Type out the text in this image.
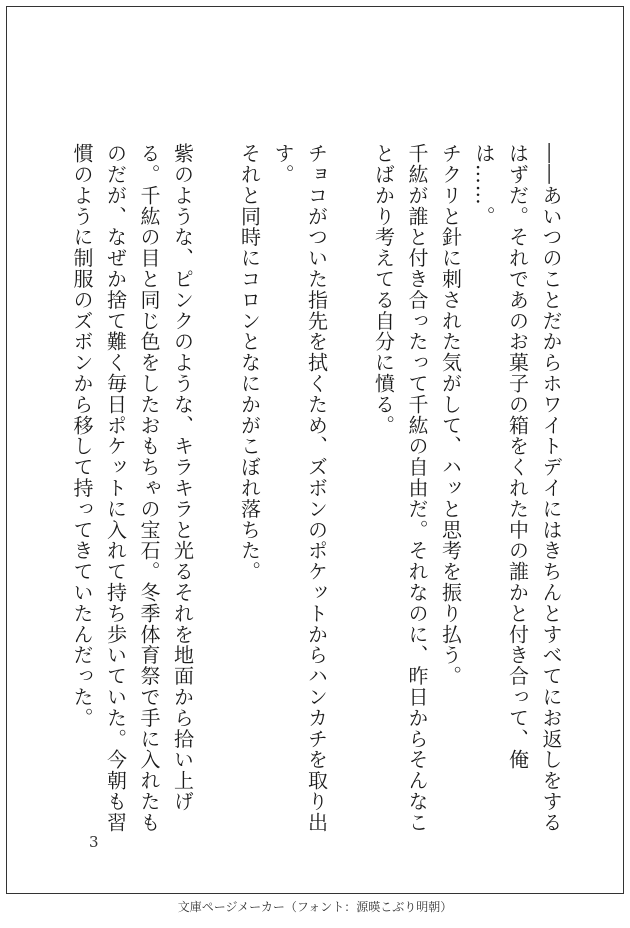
――あいつのことだからホワイトデイにはきちんとすべてにお返しをするはずだ。それであのお菓子の箱をくれた中の誰かと付き合って、俺は……。

チクリと針に刺された気がして、ハッと思考を振り払う。

千紘が誰と付き合ったって千紘の自由だ。それなのに、昨日からそんなことばかり考えてる自分に憤る。

チョコがついた指先を拭くため、ズボンのポケットからハンカチを取り出す。

それと同時にコロンとなにかがこぼれ落ちた。

紫のような、ピンクのような、キラキラと光るそれを地面から拾い上げる。千紘の目と同じ色をしたおもちゃの宝石。冬季体育祭で手に入れたものだが、なぜか捨て難く毎日ポケットに入れて持ち歩いていた。今朝も習慣のように制服のズボンから移して持ってきていたんだった。

3
文庫ページメーカー（フォント：源暎こぶり明朝）
